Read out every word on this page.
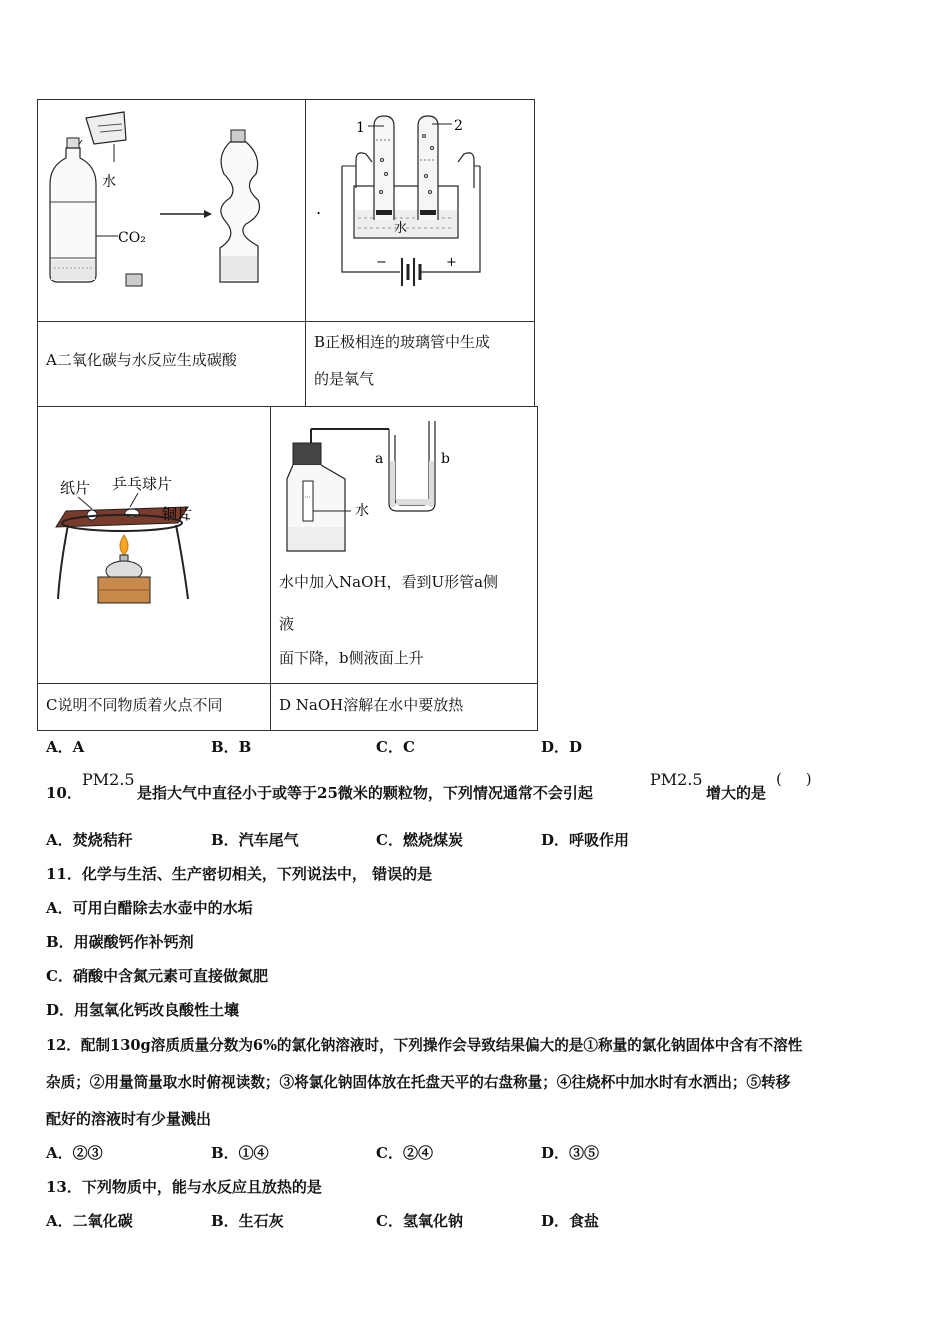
水
CO₂
.
水
1	2
−	+
A二氧化碳与水反应生成碳酸
B正极相连的玻璃管中生成
的是氧气
纸片 乒乓球片
铜片
a	b
水
水中加入NaOH，看到U形管a侧
液
面下降，b侧液面上升
C说明不同物质着火点不同	D NaOH溶解在水中要放热
A．A	B．B	C．C	D．D
10．
PM2.5
是指大气中直径小于或等于25微米的颗粒物，下列情况通常不会引起
PM2.5
增大的是
(     )
A．焚烧秸秆	B．汽车尾气	C．燃烧煤炭	D．呼吸作用
11．化学与生活、生产密切相关，下列说法中， 错误的是
A．可用白醋除去水壶中的水垢
B．用碳酸钙作补钙剂
C．硝酸中含氮元素可直接做氮肥
D．用氢氧化钙改良酸性土壤
12．配制130g溶质质量分数为6%的氯化钠溶液时，下列操作会导致结果偏大的是①称量的氯化钠固体中含有不溶性
杂质；②用量筒量取水时俯视读数；③将氯化钠固体放在托盘天平的右盘称量；④往烧杯中加水时有水洒出；⑤转移
配好的溶液时有少量溅出
A．②③	B．①④	C．②④	D．③⑤
13．下列物质中，能与水反应且放热的是
A．二氧化碳	B．生石灰	C．氢氧化钠	D．食盐
